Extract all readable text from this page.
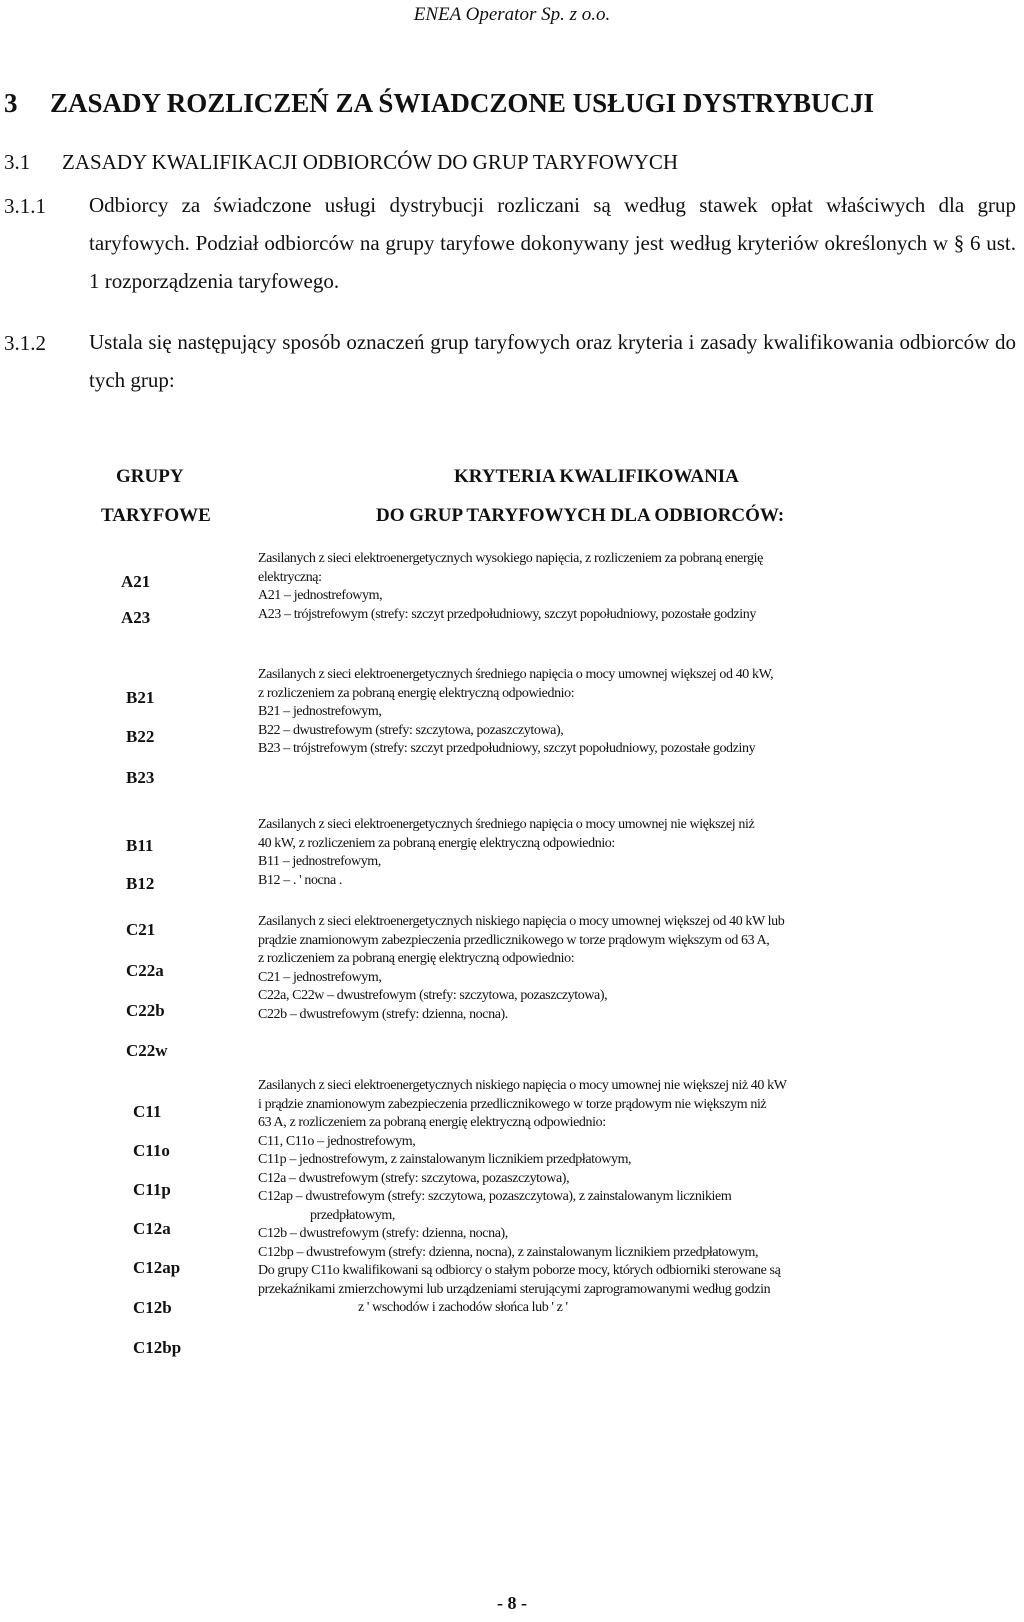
ENEA Operator Sp. z o.o.
3 ZASADY ROZLICZEŃ ZA ŚWIADCZONE USŁUGI DYSTRYBUCJI
3.1 ZASADY KWALIFIKACJI ODBIORCÓW DO GRUP TARYFOWYCH
3.1.1 Odbiorcy za świadczone usługi dystrybucji rozliczani są według stawek opłat właściwych dla grup taryfowych. Podział odbiorców na grupy taryfowe dokonywany jest według kryteriów określonych w § 6 ust. 1 rozporządzenia taryfowego.
3.1.2 Ustala się następujący sposób oznaczeń grup taryfowych oraz kryteria i zasady kwalifikowania odbiorców do tych grup:
GRUPY
TARYFOWE
KRYTERIA KWALIFIKOWANIA
DO GRUP TARYFOWYCH DLA ODBIORCÓW:
A21
A23

Zasilanych z sieci elektroenergetycznych wysokiego napięcia, z rozliczeniem za pobraną energię

elektryczną:

A21 – jednostrefowym,

A23 – trójstrefowym (strefy: szczyt przedpołudniowy, szczyt popołudniowy, pozostałe godziny

B21
B22
B23

Zasilanych z sieci elektroenergetycznych średniego napięcia o mocy umownej większej od 40 kW,

z rozliczeniem za pobraną energię elektryczną odpowiednio:

B21 – jednostrefowym,

B22 – dwustrefowym (strefy: szczytowa, pozaszczytowa),

B23 – trójstrefowym (strefy: szczyt przedpołudniowy, szczyt popołudniowy, pozostałe godziny

B11
B12

Zasilanych z sieci elektroenergetycznych średniego napięcia o mocy umownej nie większej niż

40 kW, z rozliczeniem za pobraną energię elektryczną odpowiednio:

B11 – jednostrefowym,

B12 – . ' nocna .

C21
C22a
C22b
C22w

Zasilanych z sieci elektroenergetycznych niskiego napięcia o mocy umownej większej od 40 kW lub

prądzie znamionowym zabezpieczenia przedlicznikowego w torze prądowym większym od 63 A,

z rozliczeniem za pobraną energię elektryczną odpowiednio:

C21 – jednostrefowym,

C22a, C22w – dwustrefowym (strefy: szczytowa, pozaszczytowa),

C22b – dwustrefowym (strefy: dzienna, nocna).

C11
C11o
C11p
C12a
C12ap
C12b
C12bp

Zasilanych z sieci elektroenergetycznych niskiego napięcia o mocy umownej nie większej niż 40 kW

i prądzie znamionowym zabezpieczenia przedlicznikowego w torze prądowym nie większym niż

63 A, z rozliczeniem za pobraną energię elektryczną odpowiednio:

C11, C11o – jednostrefowym,

C11p – jednostrefowym, z zainstalowanym licznikiem przedpłatowym,

C12a – dwustrefowym (strefy: szczytowa, pozaszczytowa),

C12ap – dwustrefowym (strefy: szczytowa, pozaszczytowa), z zainstalowanym licznikiem

przedpłatowym,

C12b – dwustrefowym (strefy: dzienna, nocna),

C12bp – dwustrefowym (strefy: dzienna, nocna), z zainstalowanym licznikiem przedpłatowym,

Do grupy C11o kwalifikowani są odbiorcy o stałym poborze mocy, których odbiorniki sterowane są

przekaźnikami zmierzchowymi lub urządzeniami sterującymi zaprogramowanymi według godzin

z ' wschodów i zachodów słońca lub ' z '

- 8 -
